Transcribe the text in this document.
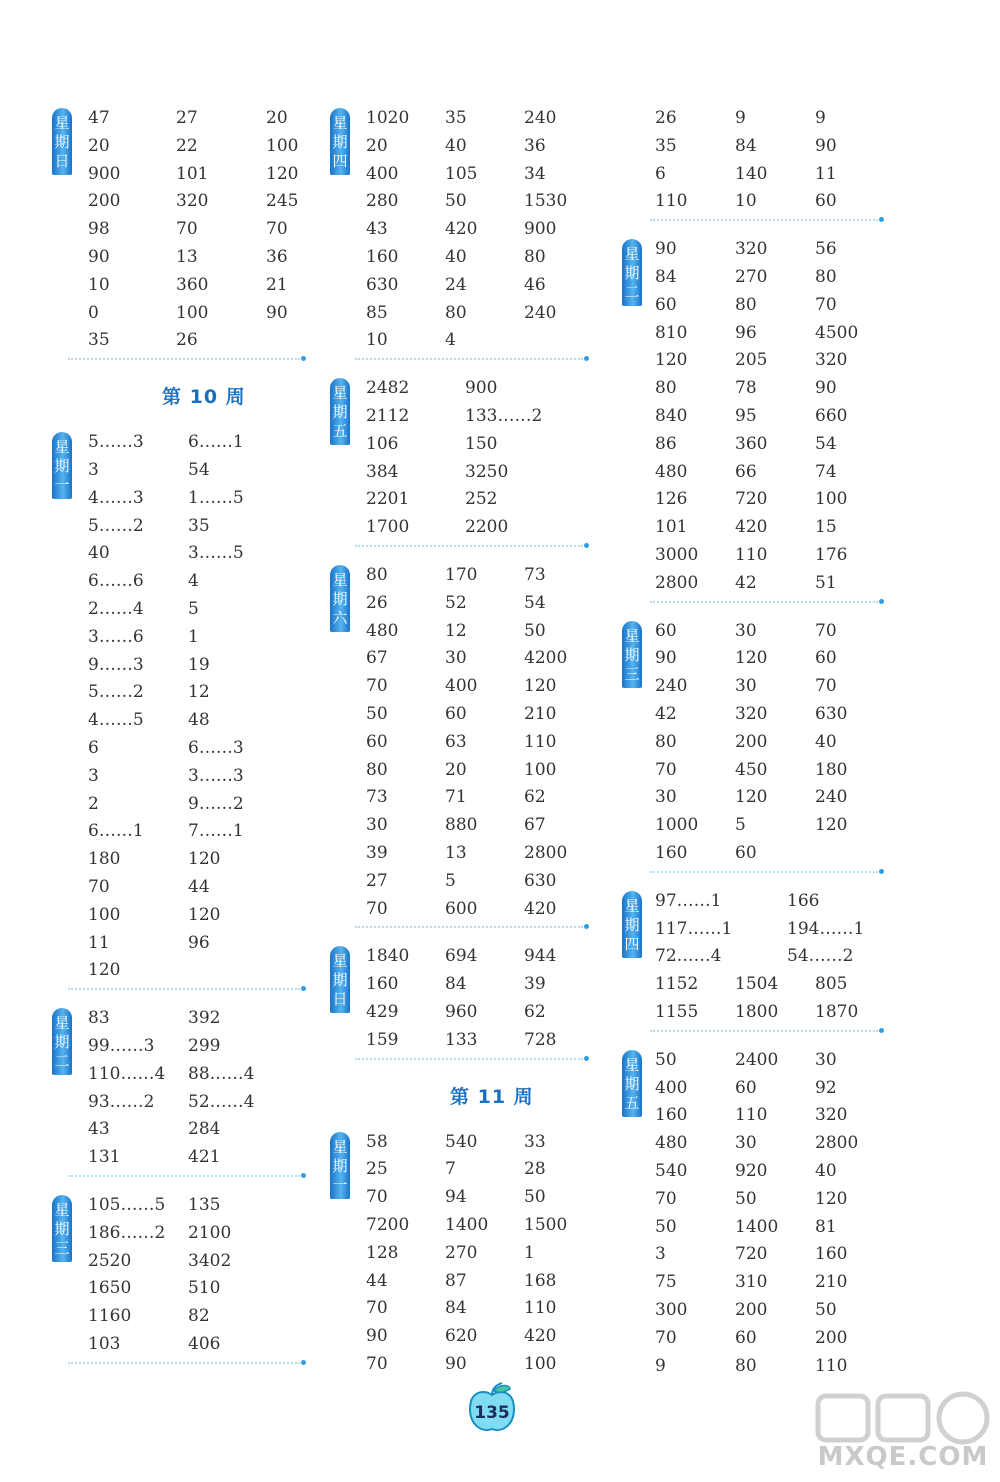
星期日
47	27	20
20	22	100
900	101	120
200	320	245
98	70	70
90	13	36
10	360	21
0	100	90
35	26
第 10 周
星期一
5……3	6……1
3	54
4……3	1……5
5……2	35
40	3……5
6……6	4
2……4	5
3……6	1
9……3	19
5……2	12
4……5	48
6	6……3
3	3……3
2	9……2
6……1	7……1
180	120
70	44
100	120
11	96
120
星期二
83	392
99……3 299
110……4 88……4
93……2 52……4
43	284
131	421
星期三
105……5 135
186……2 2100
2520	3402
1650	510
1160	82
103	406
星期四
1020 35	240
20	40	36
400	105	34
280	50	1530
43	420	900
160	40	80
630	24	46
85	80	240
10	4
星期五
2482	900
2112	133……2
106	150
384	3250
2201	252
1700	2200
星期六
80	170	73
26	52	54
480	12	50
67	30	4200
70	400	120
50	60	210
60	63	110
80	20	100
73	71	62
30	880	67
39	13	2800
27	5	630
70	600	420
星期日
1840 694	944
160	84	39
429	960	62
159	133	728
第 11 周
星期一
58	540	33
25	7	28
70	94	50
7200 1400 1500
128	270	1
44	87	168
70	84	110
90	620	420
70	90	100
26	9	9
35	84	90
6	140	11
110	10	60
星期二
90	320	56
84	270	80
60	80	70
810	96	4500
120	205	320
80	78	90
840	95	660
86	360	54
480	66	74
126	720	100
101	420	15
3000 110	176
2800 42	51
星期三
60	30	70
90	120	60
240	30	70
42	320	630
80	200	40
70	450	180
30	120	240
1000 5	120
160	60
星期四
97……1	166
117……1	194……1
72……4	54……2
1152 1504 805
1155 1800 1870
星期五
50	2400 30
400	60	92
160	110	320
480	30	2800
540	920	40
70	50	120
50	1400 81
3	720	160
75	310	210
300	200	50
70	60	200
9	80	110
135
MXQE.COM
